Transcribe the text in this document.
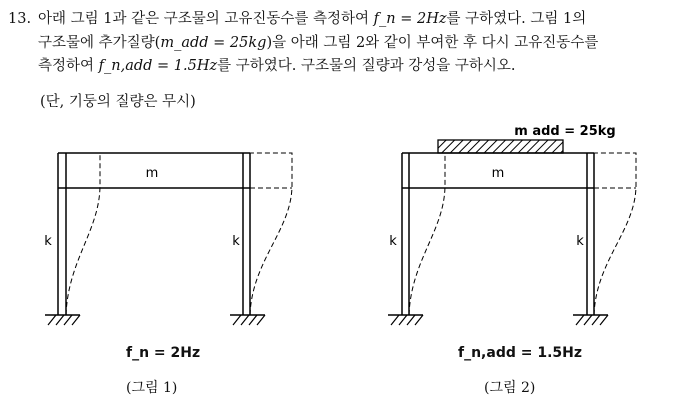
13. 아래 그림 1과 같은 구조물의 고유진동수를 측정하여 f_n = 2Hz를 구하였다. 그림 1의
구조물에 추가질량(m_add = 25kg)을 아래 그림 2와 같이 부여한 후 다시 고유진동수를
측정하여 f_n,add = 1.5Hz를 구하였다. 구조물의 질량과 강성을 구하시오.
(단, 기둥의 질량은 무시)
m
k	k
m add = 25kg
m
k	k
f_n = 2Hz	f_n,add = 1.5Hz
(그림 1)	(그림 2)
